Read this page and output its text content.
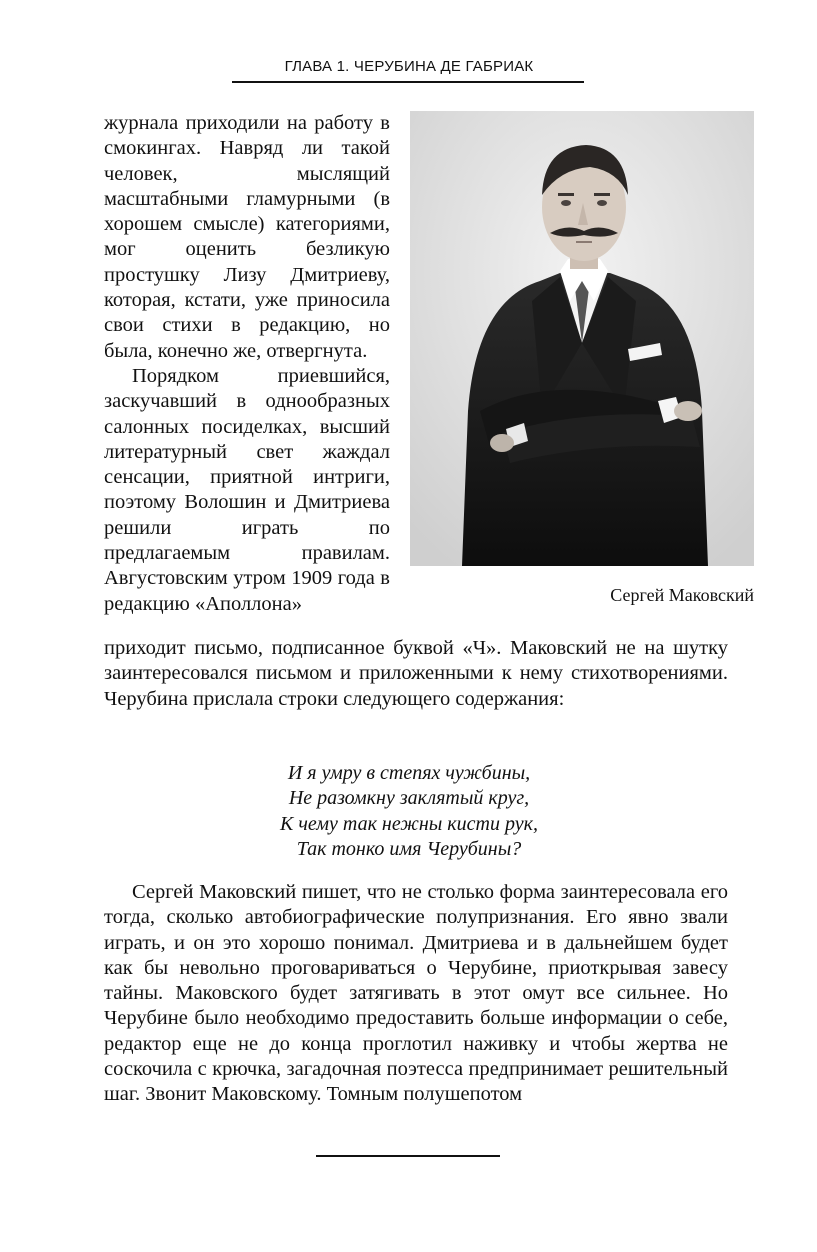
ГЛАВА 1. ЧЕРУБИНА ДЕ ГАБРИАК

журнала приходили на работу в смокингах. Навряд ли такой человек, мыслящий масштабными гламурными (в хорошем смысле) категориями, мог оценить безликую простушку Лизу Дмитриеву, которая, кстати, уже приносила свои стихи в редакцию, но была, конечно же, отвергнута.

Порядком приевшийся, заскучавший в однообразных салонных посиделках, высший литературный свет жаждал сенсации, приятной интриги, поэтому Волошин и Дмитриева решили играть по предлагаемым правилам. Августовским утром 1909 года в редакцию «Аполлона»	Сергей Маковский

приходит письмо, подписанное буквой «Ч». Маковский не на шутку заинтересовался письмом и приложенными к нему стихотворениями. Черубина прислала строки следующего содержания:

И я умру в степях чужбины,
Не разомкну заклятый круг,
К чему так нежны кисти рук,
Так тонко имя Черубины?

Сергей Маковский пишет, что не столько форма заинтересовала его тогда, сколько автобиографические полупризнания. Его явно звали играть, и он это хорошо понимал. Дмитриева и в дальнейшем будет как бы невольно проговариваться о Черубине, приоткрывая завесу тайны. Маковского будет затягивать в этот омут все сильнее. Но Черубине было необходимо предоставить больше информации о себе, редактор еще не до конца проглотил наживку и чтобы жертва не соскочила с крючка, загадочная поэтесса предпринимает решительный шаг. Звонит Маковскому. Томным полушепотом
